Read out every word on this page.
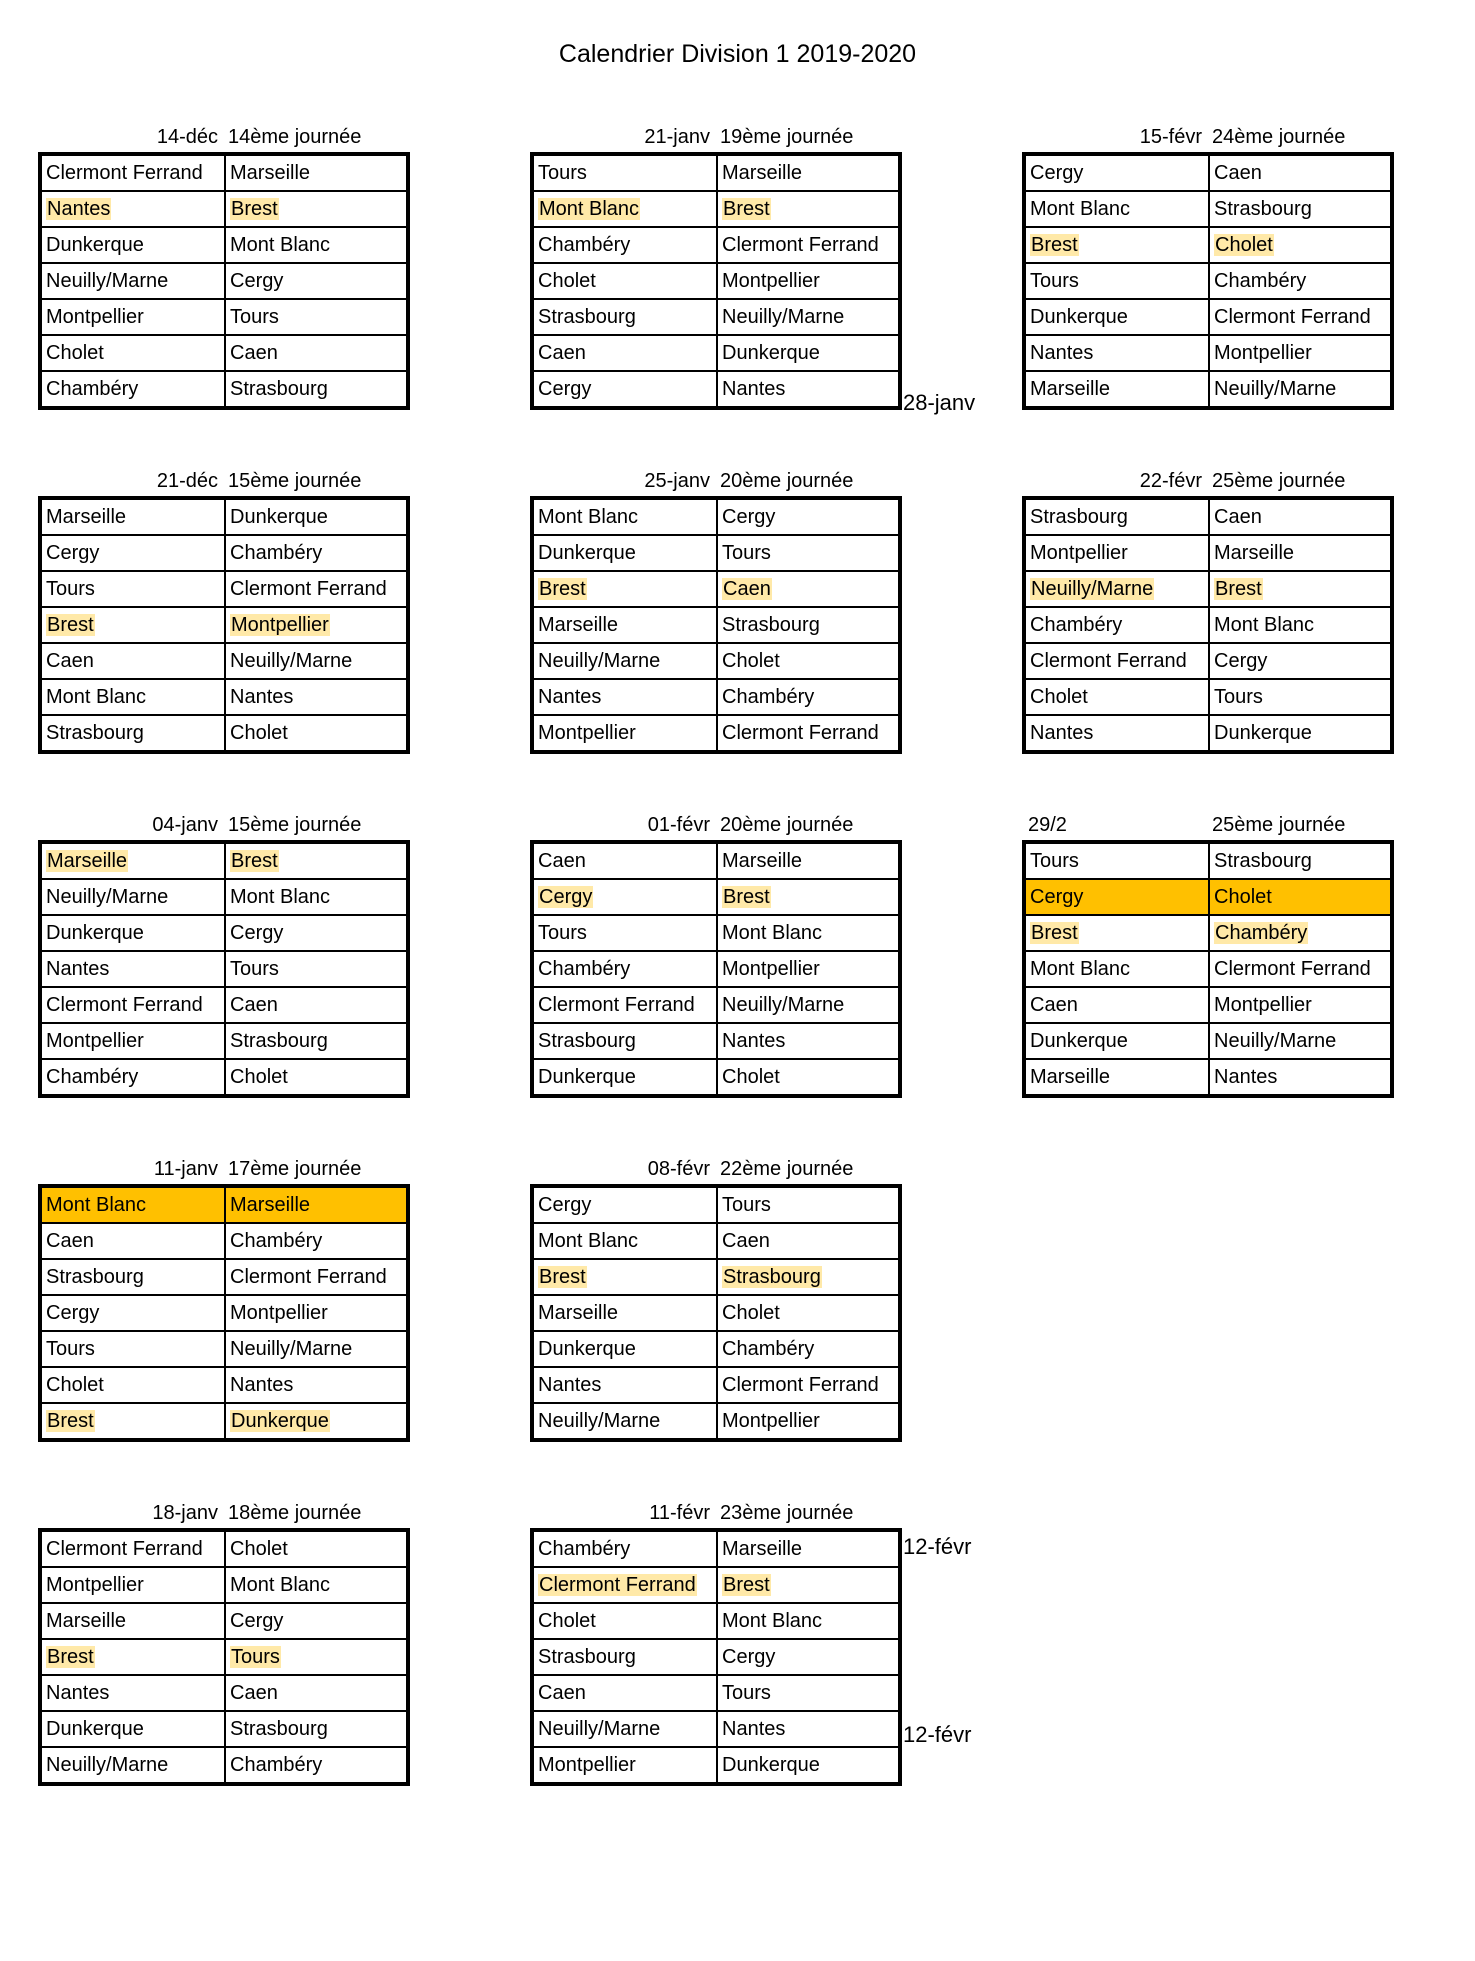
Calendrier Division 1 2019-2020
14-déc 14ème journée
Clermont Ferrand	Marseille
Nantes	Brest
Dunkerque	Mont Blanc
Neuilly/Marne	Cergy
Montpellier	Tours
Cholet	Caen
Chambéry	Strasbourg
21-déc 15ème journée
Marseille	Dunkerque
Cergy	Chambéry
Tours	Clermont Ferrand
Brest	Montpellier
Caen	Neuilly/Marne
Mont Blanc	Nantes
Strasbourg	Cholet
04-janv 15ème journée
Marseille	Brest
Neuilly/Marne	Mont Blanc
Dunkerque	Cergy
Nantes	Tours
Clermont Ferrand	Caen
Montpellier	Strasbourg
Chambéry	Cholet
11-janv 17ème journée
Mont Blanc	Marseille
Caen	Chambéry
Strasbourg	Clermont Ferrand
Cergy	Montpellier
Tours	Neuilly/Marne
Cholet	Nantes
Brest	Dunkerque
18-janv 18ème journée
Clermont Ferrand	Cholet
Montpellier	Mont Blanc
Marseille	Cergy
Brest	Tours
Nantes	Caen
Dunkerque	Strasbourg
Neuilly/Marne	Chambéry
21-janv 19ème journée
Tours	Marseille
Mont Blanc	Brest
Chambéry	Clermont Ferrand
Cholet	Montpellier
Strasbourg	Neuilly/Marne
Caen	Dunkerque
Cergy	Nantes
25-janv 20ème journée
Mont Blanc	Cergy
Dunkerque	Tours
Brest	Caen
Marseille	Strasbourg
Neuilly/Marne	Cholet
Nantes	Chambéry
Montpellier	Clermont Ferrand
01-févr 20ème journée
Caen	Marseille
Cergy	Brest
Tours	Mont Blanc
Chambéry	Montpellier
Clermont Ferrand	Neuilly/Marne
Strasbourg	Nantes
Dunkerque	Cholet
08-févr 22ème journée
Cergy	Tours
Mont Blanc	Caen
Brest	Strasbourg
Marseille	Cholet
Dunkerque	Chambéry
Nantes	Clermont Ferrand
Neuilly/Marne	Montpellier
11-févr 23ème journée
Chambéry	Marseille
Clermont Ferrand	Brest
Cholet	Mont Blanc
Strasbourg	Cergy
Caen	Tours
Neuilly/Marne	Nantes
Montpellier	Dunkerque
15-févr 24ème journée
Cergy	Caen
Mont Blanc	Strasbourg
Brest	Cholet
Tours	Chambéry
Dunkerque	Clermont Ferrand
Nantes	Montpellier
Marseille	Neuilly/Marne
22-févr 25ème journée
Strasbourg	Caen
Montpellier	Marseille
Neuilly/Marne	Brest
Chambéry	Mont Blanc
Clermont Ferrand	Cergy
Cholet	Tours
Nantes	Dunkerque
29/2	25ème journée
Tours	Strasbourg
Cergy	Cholet
Brest	Chambéry
Mont Blanc	Clermont Ferrand
Caen	Montpellier
Dunkerque	Neuilly/Marne
Marseille	Nantes
28-janv
12-févr
12-févr
